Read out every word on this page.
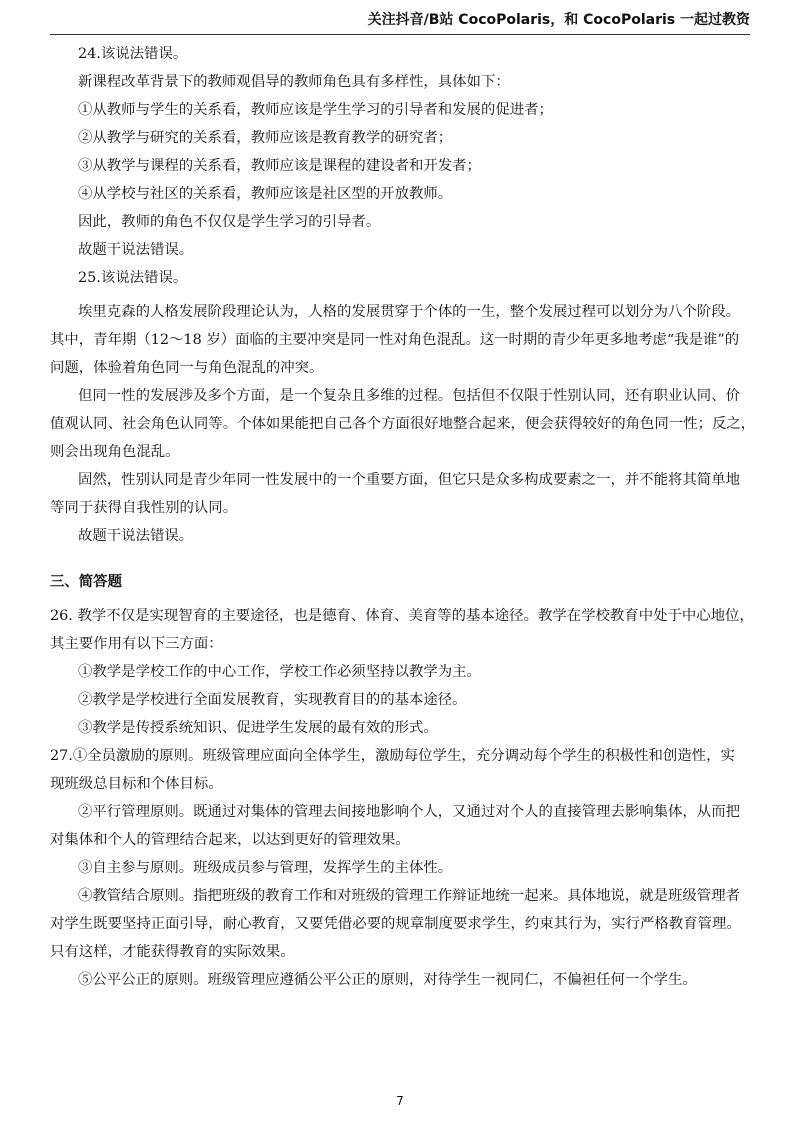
关注抖音/B站 CocoPolaris，和 CocoPolaris 一起过教资
24.该说法错误。
新课程改革背景下的教师观倡导的教师角色具有多样性，具体如下：
①从教师与学生的关系看，教师应该是学生学习的引导者和发展的促进者；
②从教学与研究的关系看，教师应该是教育教学的研究者；
③从教学与课程的关系看，教师应该是课程的建设者和开发者；
④从学校与社区的关系看，教师应该是社区型的开放教师。
因此，教师的角色不仅仅是学生学习的引导者。
故题干说法错误。
25.该说法错误。
埃里克森的人格发展阶段理论认为，人格的发展贯穿于个体的一生，整个发展过程可以划分为八个阶段。
其中，青年期（12～18 岁）面临的主要冲突是同一性对角色混乱。这一时期的青少年更多地考虑“我是谁”的
问题，体验着角色同一与角色混乱的冲突。
但同一性的发展涉及多个方面，是一个复杂且多维的过程。包括但不仅限于性别认同，还有职业认同、价
值观认同、社会角色认同等。个体如果能把自己各个方面很好地整合起来，便会获得较好的角色同一性；反之，
则会出现角色混乱。
固然，性别认同是青少年同一性发展中的一个重要方面，但它只是众多构成要素之一，并不能将其简单地
等同于获得自我性别的认同。
故题干说法错误。
三、简答题
26. 教学不仅是实现智育的主要途径，也是德育、体育、美育等的基本途径。教学在学校教育中处于中心地位，
其主要作用有以下三方面：
①教学是学校工作的中心工作，学校工作必须坚持以教学为主。
②教学是学校进行全面发展教育，实现教育目的的基本途径。
③教学是传授系统知识、促进学生发展的最有效的形式。
27.①全员激励的原则。班级管理应面向全体学生，激励每位学生，充分调动每个学生的积极性和创造性，实
现班级总目标和个体目标。
②平行管理原则。既通过对集体的管理去间接地影响个人，又通过对个人的直接管理去影响集体，从而把
对集体和个人的管理结合起来，以达到更好的管理效果。
③自主参与原则。班级成员参与管理，发挥学生的主体性。
④教管结合原则。指把班级的教育工作和对班级的管理工作辩证地统一起来。具体地说，就是班级管理者
对学生既要坚持正面引导，耐心教育，又要凭借必要的规章制度要求学生，约束其行为，实行严格教育管理。
只有这样，才能获得教育的实际效果。
⑤公平公正的原则。班级管理应遵循公平公正的原则，对待学生一视同仁，不偏袒任何一个学生。
7
